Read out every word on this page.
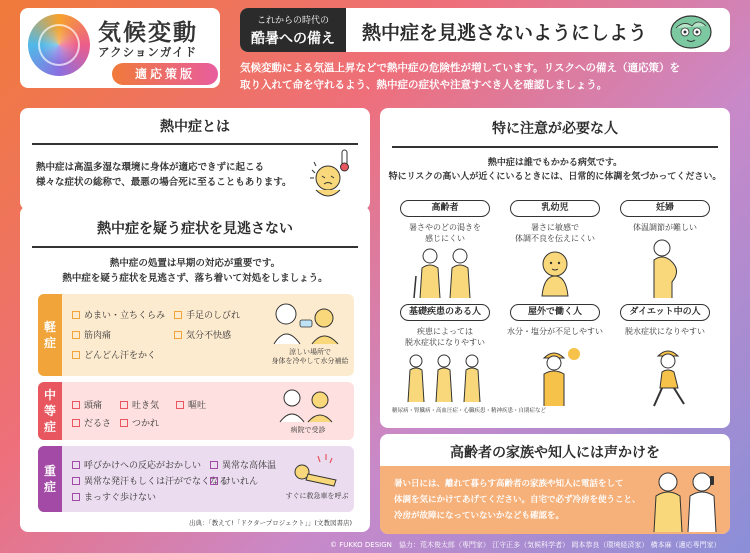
気候変動
アクションガイド
適応策版
これからの時代の
酷暑への備え	熱中症を見逃さないようにしよう
気候変動による気温上昇などで熱中症の危険性が増しています。リスクへの備え（適応策）を
取り入れて命を守れるよう、熱中症の症状や注意すべき人を確認しましょう。
熱中症とは
熱中症は高温多湿な環境に身体が適応できずに起こる
様々な症状の総称で、最悪の場合死に至ることもあります。
熱中症を疑う症状を見逃さない
熱中症の処置は早期の対応が重要です。
熱中症を疑う症状を見逃さず、落ち着いて対処をしましょう。
軽
症
めまい・立ちくらみ 手足のしびれ
筋肉痛	気分不快感
どんどん汗をかく	涼しい場所で
身体を冷やして水分補給
中
等
症
頭痛	吐き気	嘔吐
だるさ つかれ
病院で受診
重
症
呼びかけへの反応がおかしい 異常な高体温
異常な発汗もしくは汗がでなくなる
けいれん
まっすぐ歩けない	すぐに救急車を呼ぶ
出典：「教えて!「ドクタープロジェクト」」(文教図書店)
特に注意が必要な人
熱中症は誰でもかかる病気です。
特にリスクの高い人が近くにいるときには、日常的に体調を気づかってください。
高齢者
暑さやのどの渇きを
感じにくい
乳幼児
暑さに敏感で
体調不良を伝えにくい
妊婦
体温調節が難しい
基礎疾患のある人
疾患によっては
脱水症状になりやすい
糖尿病・腎臓病・高血圧症・心臓疾患・精神疾患・自閉症など
屋外で働く人
水分・塩分が不足しやすい
ダイエット中の人
脱水症状になりやすい
高齢者の家族や知人には声かけを
暑い日には、離れて暮らす高齢者の家族や知人に電話をして
体調を気にかけてあげてください。自宅で必ず冷房を使うこと、
冷房が故障になっていないかなども確認を。
© FUKKO DESIGN　協力：荒木俊太郎（専門家） 江守正多（気候科学者） 岡本恭良（環境経済家） 横本麻（適応専門家）
